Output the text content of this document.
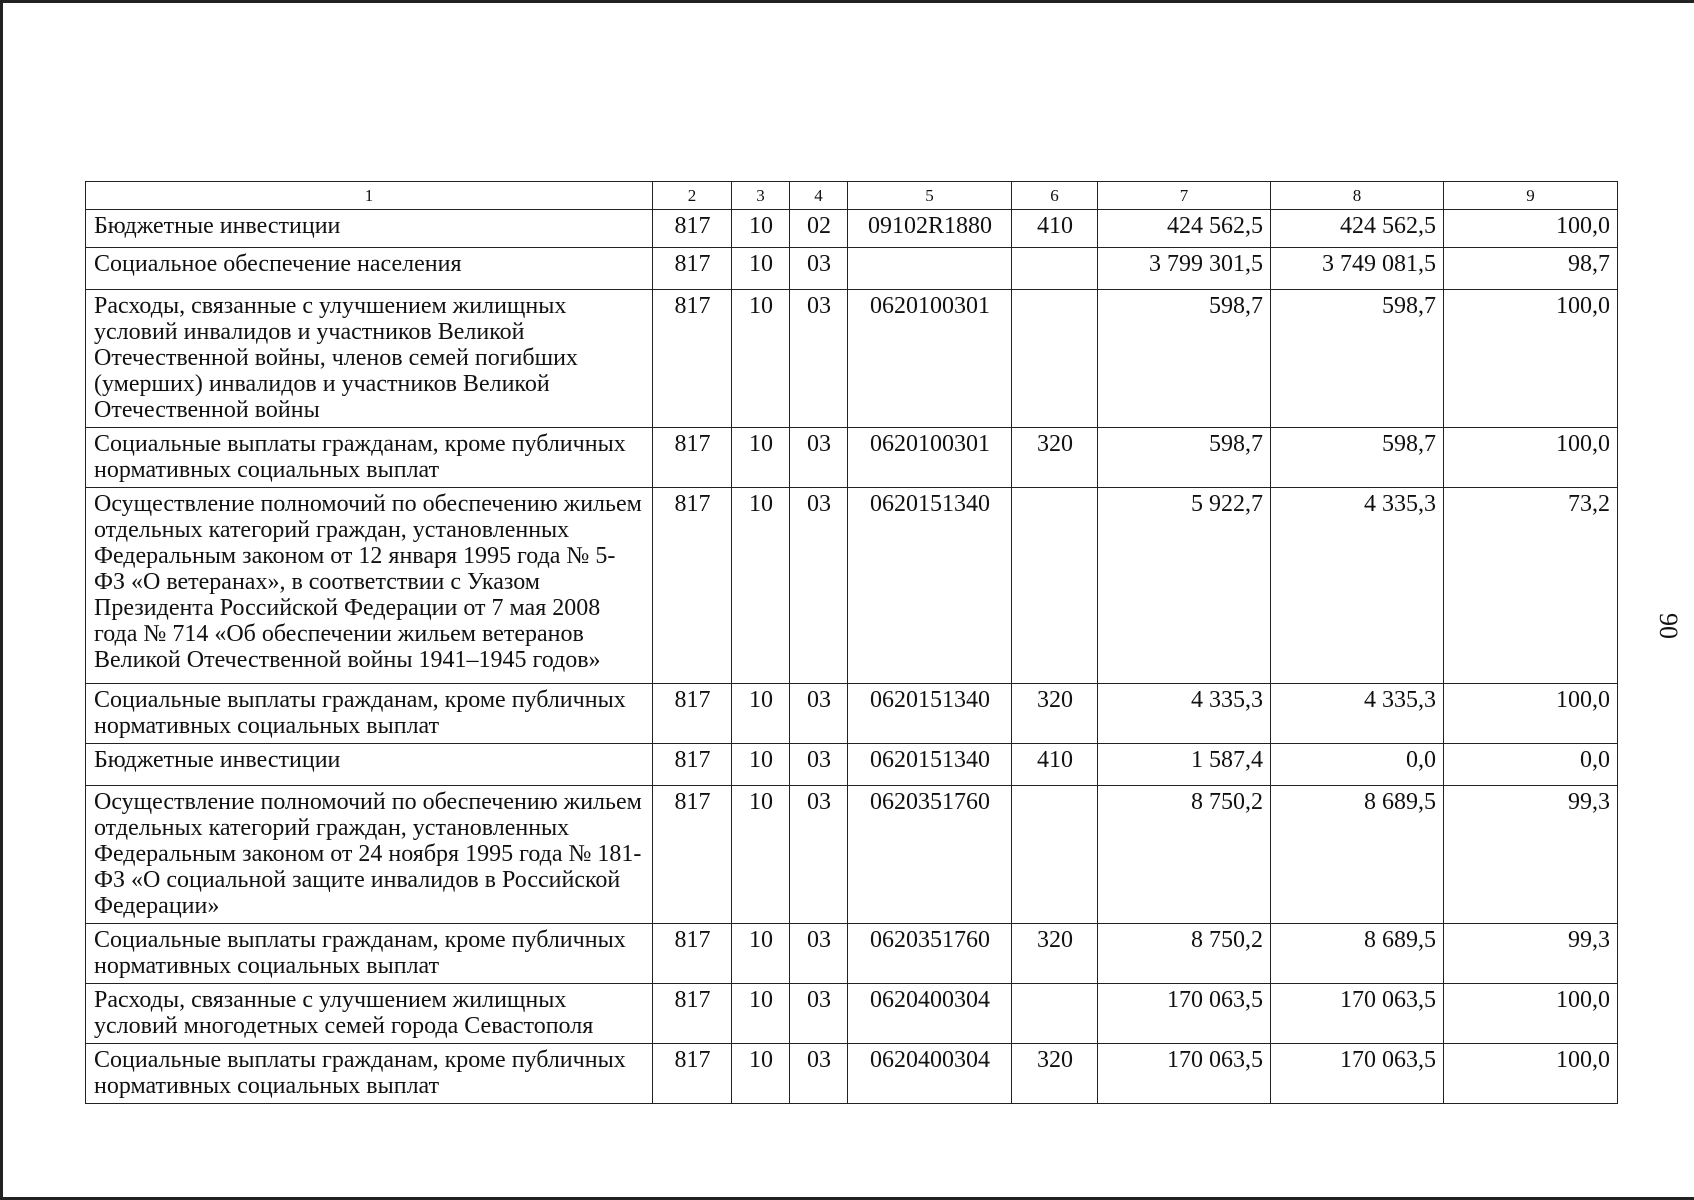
1	2	3	4	5	6	7	8	9
Бюджетные инвестиции	817	10	02	09102R1880	410	424 562,5	424 562,5	100,0
Социальное обеспечение населения	817	10	03			3 799 301,5	3 749 081,5	98,7
Расходы, связанные с улучшением жилищных условий инвалидов и участников Великой Отечественной войны, членов семей погибших (умерших) инвалидов и участников Великой Отечественной войны	817	10	03	0620100301		598,7	598,7	100,0
Социальные выплаты гражданам, кроме публичных нормативных социальных выплат	817	10	03	0620100301	320	598,7	598,7	100,0
Осуществление полномочий по обеспечению жильем отдельных категорий граждан, установленных Федеральным законом от 12 января 1995 года № 5-ФЗ «О ветеранах», в соответствии с Указом Президента Российской Федерации от 7 мая 2008 года № 714 «Об обеспечении жильем ветеранов Великой Отечественной войны 1941–1945 годов»	817	10	03	0620151340		5 922,7	4 335,3	73,2
Социальные выплаты гражданам, кроме публичных нормативных социальных выплат	817	10	03	0620151340	320	4 335,3	4 335,3	100,0
Бюджетные инвестиции	817	10	03	0620151340	410	1 587,4	0,0	0,0
Осуществление полномочий по обеспечению жильем отдельных категорий граждан, установленных Федеральным законом от 24 ноября 1995 года № 181-ФЗ «О социальной защите инвалидов в Российской Федерации»	817	10	03	0620351760		8 750,2	8 689,5	99,3
Социальные выплаты гражданам, кроме публичных нормативных социальных выплат	817	10	03	0620351760	320	8 750,2	8 689,5	99,3
Расходы, связанные с улучшением жилищных условий многодетных семей города Севастополя	817	10	03	0620400304		170 063,5	170 063,5	100,0
Социальные выплаты гражданам, кроме публичных нормативных социальных выплат	817	10	03	0620400304	320	170 063,5	170 063,5	100,0
90
